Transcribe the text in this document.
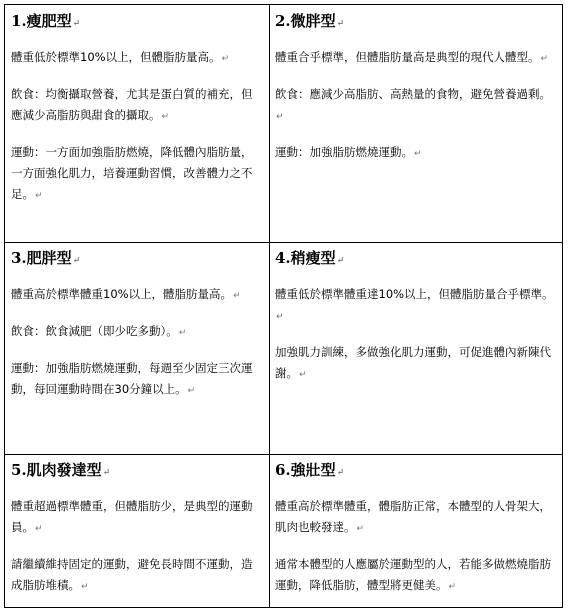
1.瘦肥型↵
體重低於標準10%以上，但體脂肪量高。↵
飲食：均衡攝取營養，尤其是蛋白質的補充，但應減少高脂肪與甜食的攝取。↵
運動：一方面加強脂肪燃燒，降低體內脂肪量，一方面強化肌力，培養運動習慣，改善體力之不足。↵
2.微胖型↵
體重合乎標準，但體脂肪量高是典型的現代人體型。↵
飲食：應減少高脂肪、高熱量的食物，避免營養過剩。↵
運動：加強脂肪燃燒運動。↵
3.肥胖型↵
體重高於標準體重10%以上，體脂肪量高。↵
飲食：飲食減肥（即少吃多動）。↵
運動：加強脂肪燃燒運動，每週至少固定三次運動，每回運動時間在30分鐘以上。↵
4.稍瘦型↵
體重低於標準體重達10%以上，但體脂肪量合乎標準。↵
加強肌力訓練，多做強化肌力運動，可促進體內新陳代謝。↵
5.肌肉發達型↵
體重超過標準體重，但體脂肪少，是典型的運動員。↵
請繼續維持固定的運動，避免長時間不運動，造成脂肪堆積。↵
6.強壯型↵
體重高於標準體重，體脂肪正常，本體型的人骨架大，肌肉也較發達。↵
通常本體型的人應屬於運動型的人，若能多做燃燒脂肪運動，降低脂肪，體型將更健美。↵
